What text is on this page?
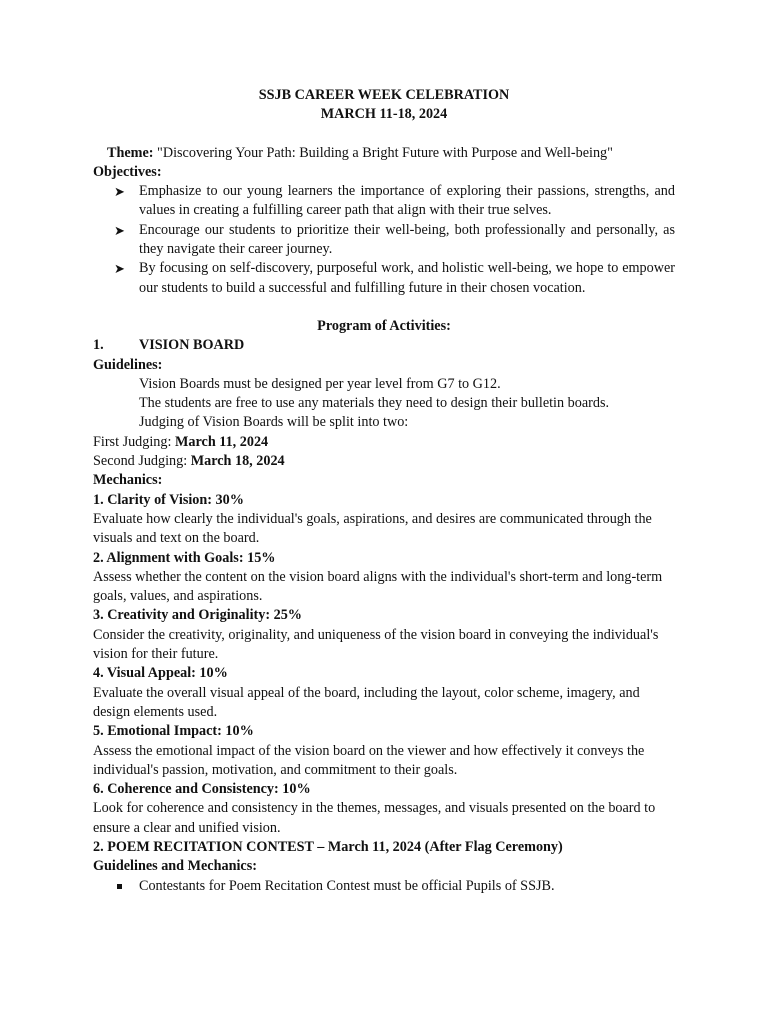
SSJB CAREER WEEK CELEBRATION

MARCH 11-18, 2024

Theme: "Discovering Your Path: Building a Bright Future with Purpose and Well-being"

Objectives:

➤ Emphasize to our young learners the importance of exploring their passions, strengths, and values in creating a fulfilling career path that align with their true selves.
➤ Encourage our students to prioritize their well-being, both professionally and personally, as they navigate their career journey.
➤ By focusing on self-discovery, purposeful work, and holistic well-being, we hope to empower our students to build a successful and fulfilling future in their chosen vocation.

Program of Activities:

1.	VISION BOARD

Guidelines:

Vision Boards must be designed per year level from G7 to G12.

The students are free to use any materials they need to design their bulletin boards.

Judging of Vision Boards will be split into two:

First Judging: March 11, 2024

Second Judging: March 18, 2024

Mechanics:

1. Clarity of Vision: 30%

Evaluate how clearly the individual's goals, aspirations, and desires are communicated through the visuals and text on the board.

2. Alignment with Goals: 15%

Assess whether the content on the vision board aligns with the individual's short-term and long-term goals, values, and aspirations.

3. Creativity and Originality: 25%

Consider the creativity, originality, and uniqueness of the vision board in conveying the individual's vision for their future.

4. Visual Appeal: 10%

Evaluate the overall visual appeal of the board, including the layout, color scheme, imagery, and design elements used.

5. Emotional Impact: 10%

Assess the emotional impact of the vision board on the viewer and how effectively it conveys the individual's passion, motivation, and commitment to their goals.

6. Coherence and Consistency: 10%

Look for coherence and consistency in the themes, messages, and visuals presented on the board to ensure a clear and unified vision.

2. POEM RECITATION CONTEST – March 11, 2024 (After Flag Ceremony)

Guidelines and Mechanics:

Contestants for Poem Recitation Contest must be official Pupils of SSJB.
